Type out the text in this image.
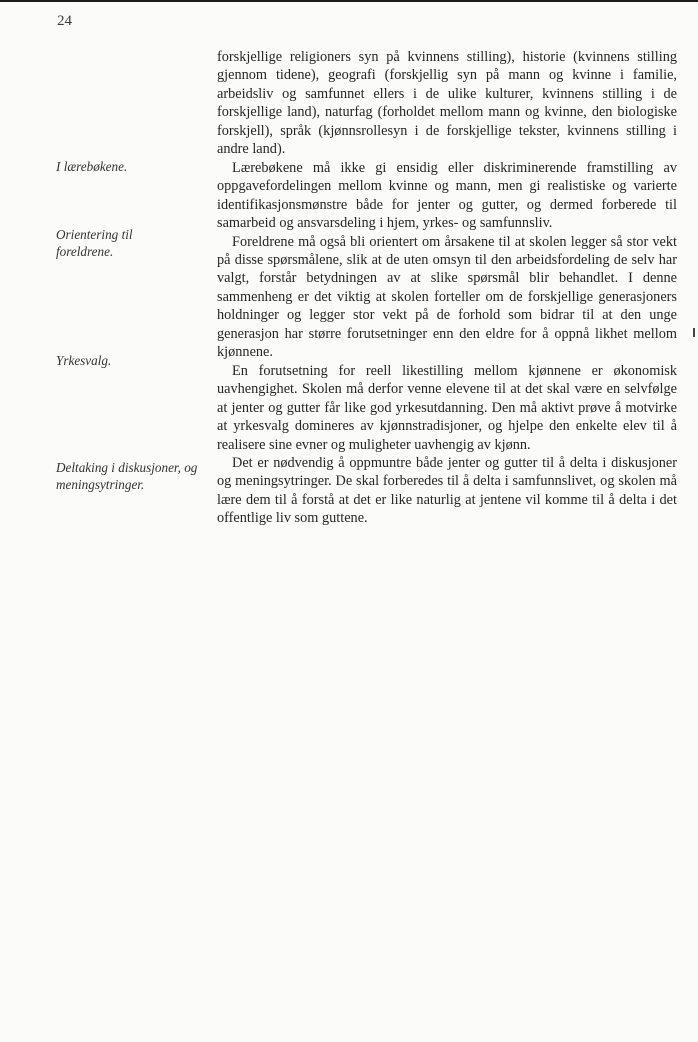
24
I lærebøkene.
Orientering til foreldrene.
Yrkesvalg.
Deltaking i diskusjoner, og meningsytringer.

forskjellige religioners syn på kvinnens stilling), historie (kvinnens stilling gjennom tidene), geografi (forskjellig syn på mann og kvinne i familie, arbeidsliv og samfunnet ellers i de ulike kulturer, kvinnens stilling i de forskjellige land), naturfag (forholdet mellom mann og kvinne, den biologiske forskjell), språk (kjønnsrollesyn i de forskjellige tekster, kvinnens stilling i andre land).

Lærebøkene må ikke gi ensidig eller diskriminerende framstilling av oppgavefordelingen mellom kvinne og mann, men gi realistiske og varierte identifikasjonsmønstre både for jenter og gutter, og dermed forberede til samarbeid og ansvarsdeling i hjem, yrkes- og samfunnsliv.

Foreldrene må også bli orientert om årsakene til at skolen legger så stor vekt på disse spørsmålene, slik at de uten omsyn til den arbeidsfordeling de selv har valgt, forstår betydningen av at slike spørsmål blir behandlet. I denne sammenheng er det viktig at skolen forteller om de forskjellige generasjoners holdninger og legger stor vekt på de forhold som bidrar til at den unge generasjon har større forutsetninger enn den eldre for å oppnå likhet mellom kjønnene.

En forutsetning for reell likestilling mellom kjønnene er økonomisk uavhengighet. Skolen må derfor venne elevene til at det skal være en selvfølge at jenter og gutter får like god yrkesutdanning. Den må aktivt prøve å motvirke at yrkesvalg domineres av kjønnstradisjoner, og hjelpe den enkelte elev til å realisere sine evner og muligheter uavhengig av kjønn.

Det er nødvendig å oppmuntre både jenter og gutter til å delta i diskusjoner og meningsytringer. De skal forberedes til å delta i samfunnslivet, og skolen må lære dem til å forstå at det er like naturlig at jentene vil komme til å delta i det offentlige liv som guttene.
